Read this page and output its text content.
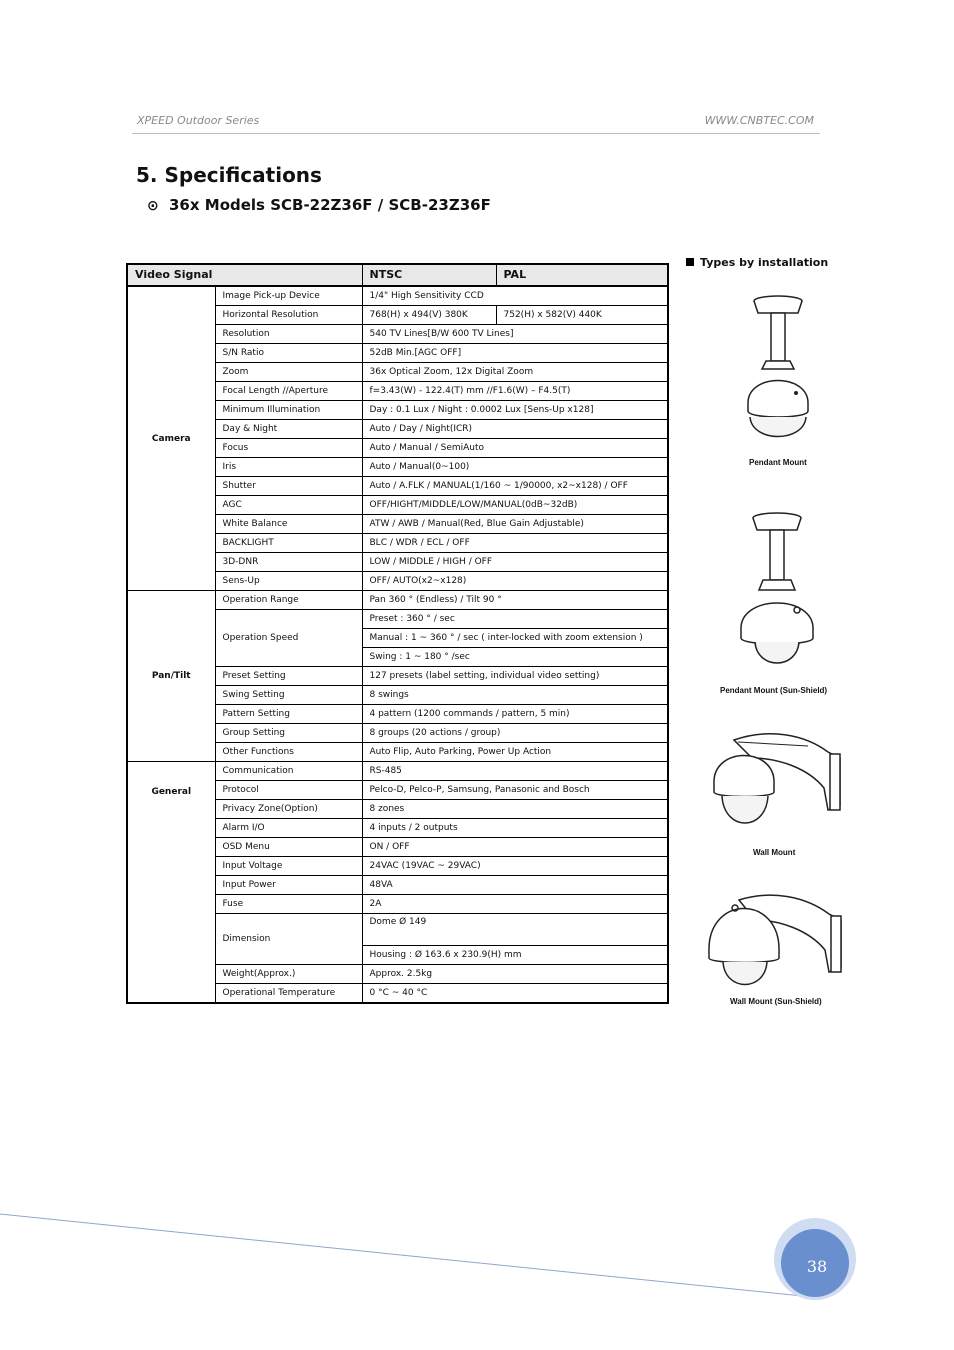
XPEED Outdoor Series	WWW.CNBTEC.COM
5. Specifications
⊙ 36x Models SCB-22Z36F / SCB-23Z36F
Video Signal		NTSC	PAL
Camera	Image Pick-up Device	1/4" High Sensitivity CCD	
	Horizontal Resolution	768(H) x 494(V) 380K	752(H) x 582(V) 440K
	Resolution	540 TV Lines[B/W 600 TV Lines]	
	S/N Ratio	52dB Min.[AGC OFF]	
	Zoom	36x Optical Zoom, 12x Digital Zoom	
	Focal Length //Aperture	f=3.43(W) - 122.4(T) mm //F1.6(W) – F4.5(T)	
	Minimum Illumination	Day : 0.1 Lux / Night : 0.0002 Lux [Sens-Up x128]	
	Day & Night	Auto / Day / Night(ICR)	
	Focus	Auto / Manual / SemiAuto	
	Iris	Auto / Manual(0~100)	
	Shutter	Auto / A.FLK / MANUAL(1/160 ~ 1/90000, x2~x128) / OFF	
	AGC	OFF/HIGHT/MIDDLE/LOW/MANUAL(0dB~32dB)	
	White Balance	ATW / AWB / Manual(Red, Blue Gain Adjustable)	
	BACKLIGHT	BLC / WDR / ECL / OFF	
	3D-DNR	LOW / MIDDLE / HIGH / OFF	
	Sens-Up	OFF/ AUTO(x2~x128)	
Pan/Tilt	Operation Range	Pan 360 ° (Endless) / Tilt 90 °	
	Operation Speed	Preset : 360 ° / sec	
		Manual : 1 ~ 360 ° / sec ( inter-locked with zoom extension )	
		Swing : 1 ~ 180 ° /sec	
	Preset Setting	127 presets (label setting, individual video setting)	
	Swing Setting	8 swings	
	Pattern Setting	4 pattern (1200 commands / pattern, 5 min)	
	Group Setting	8 groups (20 actions / group)	
	Other Functions	Auto Flip, Auto Parking, Power Up Action	
General	Communication	RS-485	
	Protocol	Pelco-D, Pelco-P, Samsung, Panasonic and Bosch	
	Privacy Zone(Option)	8 zones	
	Alarm I/O	4 inputs / 2 outputs	
	OSD Menu	ON / OFF	
	Input Voltage	24VAC (19VAC ~ 29VAC)	
	Input Power	48VA	
	Fuse	2A	
	Dimension	Dome Ø 149	
		Housing : Ø 163.6 x 230.9(H) mm	
	Weight(Approx.)	Approx. 2.5kg	
	Operational Temperature	0 °C ~ 40 °C	
Types by installation
Pendant Mount
Pendant Mount (Sun-Shield)
Wall Mount
Wall Mount (Sun-Shield)
38
